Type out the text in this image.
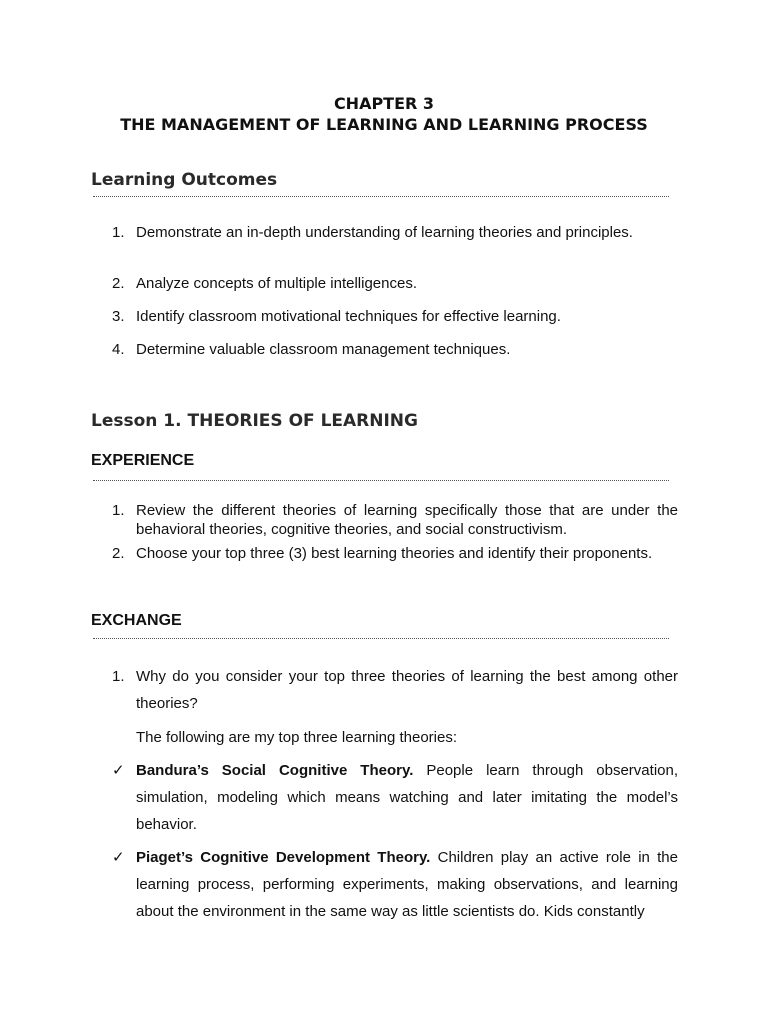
CHAPTER 3
THE MANAGEMENT OF LEARNING AND LEARNING PROCESS
Learning Outcomes
1. Demonstrate an in-depth understanding of learning theories and principles.
2. Analyze concepts of multiple intelligences.
3. Identify classroom motivational techniques for effective learning.
4. Determine valuable classroom management techniques.
Lesson 1. THEORIES OF LEARNING
EXPERIENCE
1. Review the different theories of learning specifically those that are under the behavioral theories, cognitive theories, and social constructivism.
2. Choose your top three (3) best learning theories and identify their proponents.
EXCHANGE
1. Why do you consider your top three theories of learning the best among other theories?
The following are my top three learning theories:
✓ Bandura’s Social Cognitive Theory. People learn through observation, simulation, modeling which means watching and later imitating the model’s behavior.
✓ Piaget’s Cognitive Development Theory. Children play an active role in the learning process, performing experiments, making observations, and learning about the environment in the same way as little scientists do. Kids constantly
